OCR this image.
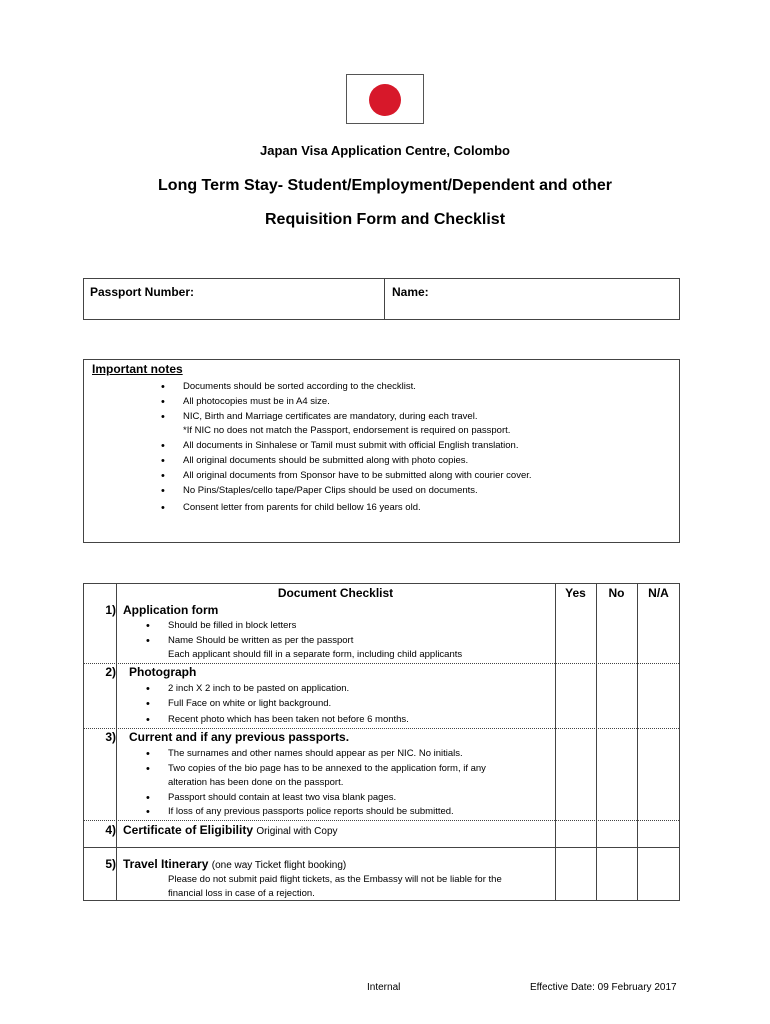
Japan Visa Application Centre, Colombo
Long Term Stay- Student/Employment/Dependent and other
Requisition Form and Checklist
Passport Number:	Name:
Important notes
• Documents should be sorted according to the checklist.
• All photocopies must be in A4 size.
• NIC, Birth and Marriage certificates are mandatory, during each travel.
*If NIC no does not match the Passport, endorsement is required on passport.
• All documents in Sinhalese or Tamil must submit with official English translation.
• All original documents should be submitted along with photo copies.
• All original documents from Sponsor have to be submitted along with courier cover.
• No Pins/Staples/cello tape/Paper Clips should be used on documents.
• Consent letter from parents for child bellow 16 years old.
Document Checklist	Yes	No	N/A
1) Application form
• Should be filled in block letters
• Name Should be written as per the passport
Each applicant should fill in a separate form, including child applicants
2) Photograph
• 2 inch X 2 inch to be pasted on application.
• Full Face on white or light background.
• Recent photo which has been taken not before 6 months.
3) Current and if any previous passports.
• The surnames and other names should appear as per NIC. No initials.
• Two copies of the bio page has to be annexed to the application form, if any
alteration has been done on the passport.
• Passport should contain at least two visa blank pages.
• If loss of any previous passports police reports should be submitted.
4) Certificate of Eligibility Original with Copy
5) Travel Itinerary (one way Ticket flight booking)
Please do not submit paid flight tickets, as the Embassy will not be liable for the
financial loss in case of a rejection.
Internal	Effective Date: 09 February 2017
